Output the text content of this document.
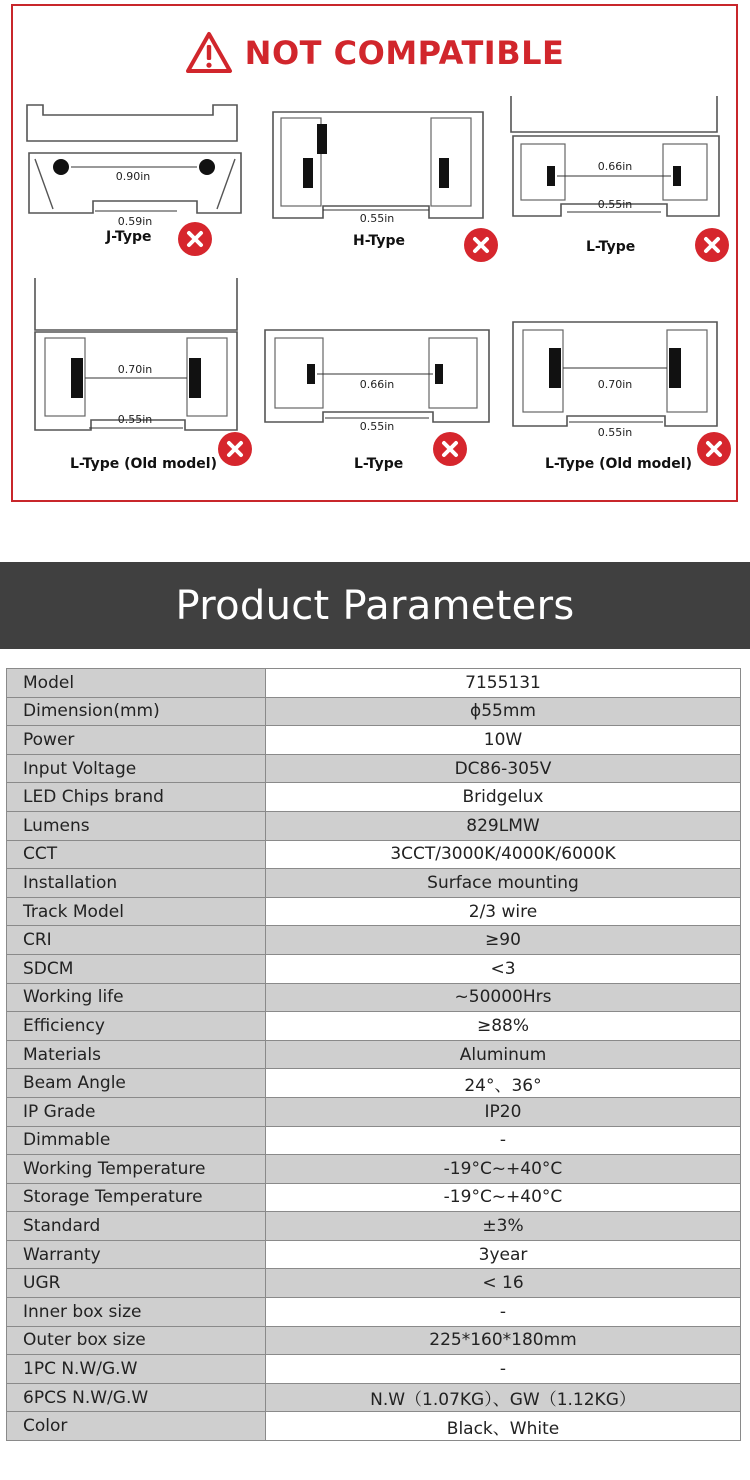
NOT COMPATIBLE
0.90in
0.59in
J-Type
0.55in
H-Type
0.66in
0.55in
L-Type
0.70in
0.55in
L-Type (Old model)
0.66in
0.55in
L-Type
0.70in
0.55in
L-Type (Old model)
Product Parameters
Model	7155131
Dimension(mm)	ϕ55mm
Power	10W
Input Voltage	DC86-305V
LED Chips brand	Bridgelux
Lumens	829LMW
CCT	3CCT/3000K/4000K/6000K
Installation	Surface mounting
Track Model	2/3 wire
CRI	≥90
SDCM	<3
Working life	~50000Hrs
Efficiency	≥88%
Materials	Aluminum
Beam Angle	24°、36°
IP Grade	IP20
Dimmable	-
Working Temperature	-19°C~+40°C
Storage Temperature	-19°C~+40°C
Standard	±3%
Warranty	3year
UGR	< 16
Inner box size	-
Outer box size	225*160*180mm
1PC N.W/G.W	-
6PCS N.W/G.W	N.W（1.07KG）、GW（1.12KG）
Color	Black、White
